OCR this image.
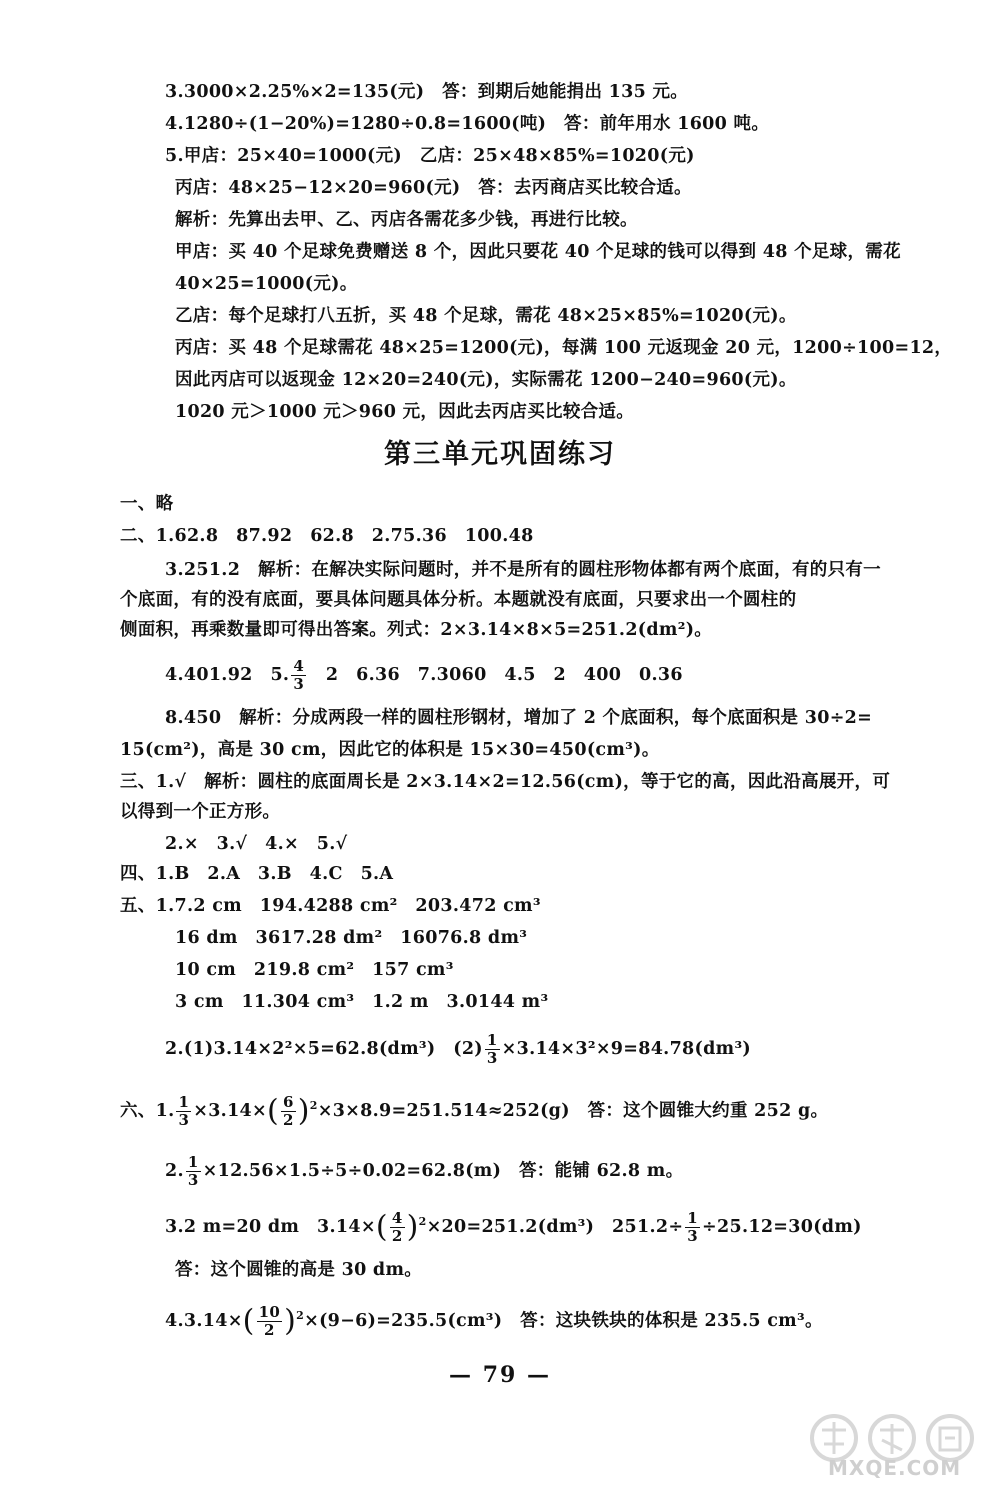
3.3000×2.25%×2=135(元)　答：到期后她能捐出 135 元。
4.1280÷(1−20%)=1280÷0.8=1600(吨)　答：前年用水 1600 吨。
5.甲店：25×40=1000(元)　乙店：25×48×85%=1020(元)
丙店：48×25−12×20=960(元)　答：去丙商店买比较合适。
解析：先算出去甲、乙、丙店各需花多少钱，再进行比较。
甲店：买 40 个足球免费赠送 8 个，因此只要花 40 个足球的钱可以得到 48 个足球，需花
40×25=1000(元)。
乙店：每个足球打八五折，买 48 个足球，需花 48×25×85%=1020(元)。
丙店：买 48 个足球需花 48×25=1200(元)，每满 100 元返现金 20 元，1200÷100=12，
因此丙店可以返现金 12×20=240(元)，实际需花 1200−240=960(元)。
1020 元＞1000 元＞960 元，因此去丙店买比较合适。
第三单元巩固练习
一、略
二、1.62.8　87.92　62.8　2.75.36　100.48
3.251.2　解析：在解决实际问题时，并不是所有的圆柱形物体都有两个底面，有的只有一
个底面，有的没有底面，要具体问题具体分析。本题就没有底面，只要求出一个圆柱的
侧面积，再乘数量即可得出答案。列式：2×3.14×8×5=251.2(dm²)。
4.401.92　5. $\frac{4}{3}$ 　2　6.36　7.3060　4.5　2　400　0.36
8.450　解析：分成两段一样的圆柱形钢材，增加了 2 个底面积，每个底面积是 30÷2=
15(cm²)，高是 30 cm，因此它的体积是 15×30=450(cm³)。
三、1.√　解析：圆柱的底面周长是 2×3.14×2=12.56(cm)，等于它的高，因此沿高展开，可
以得到一个正方形。
2.×　3.√　4.×　5.√
四、1.B　2.A　3.B　4.C　5.A
五、1.7.2 cm　194.4288 cm²　203.472 cm³
16 dm　3617.28 dm²　16076.8 dm³
10 cm　219.8 cm²　157 cm³
3 cm　11.304 cm³　1.2 m　3.0144 m³
2.(1)3.14×2²×5=62.8(dm³)　$(2) \frac{1}{3} \times 3.14\times 3^2\times 9=84.78(dm^3)$
六、1. $\frac{1}{3} \times 3.14\times( \frac{6}{2} )^2\times 3\times 8.9=251.514\approx 252(g)$　答：这个圆锥大约重 252 g。
2. $\frac{1}{3} \times 12.56\times 1.5\div 5\div 0.02=62.8(m)$　答：能铺 62.8 m。
3.2 m=20 dm　$3.14\times( \frac{4}{2} )^2\times 20=251.2(dm^3)$　$251.2\div \frac{1}{3} \div 25.12=30(dm)$
答：这个圆锥的高是 30 dm。
$4.3.14\times( \frac{10}{2} )^2\times(9-6)=235.5(cm^3)$　答：这块铁块的体积是 235.5 cm³。
— 79 —
MXQE.COM
